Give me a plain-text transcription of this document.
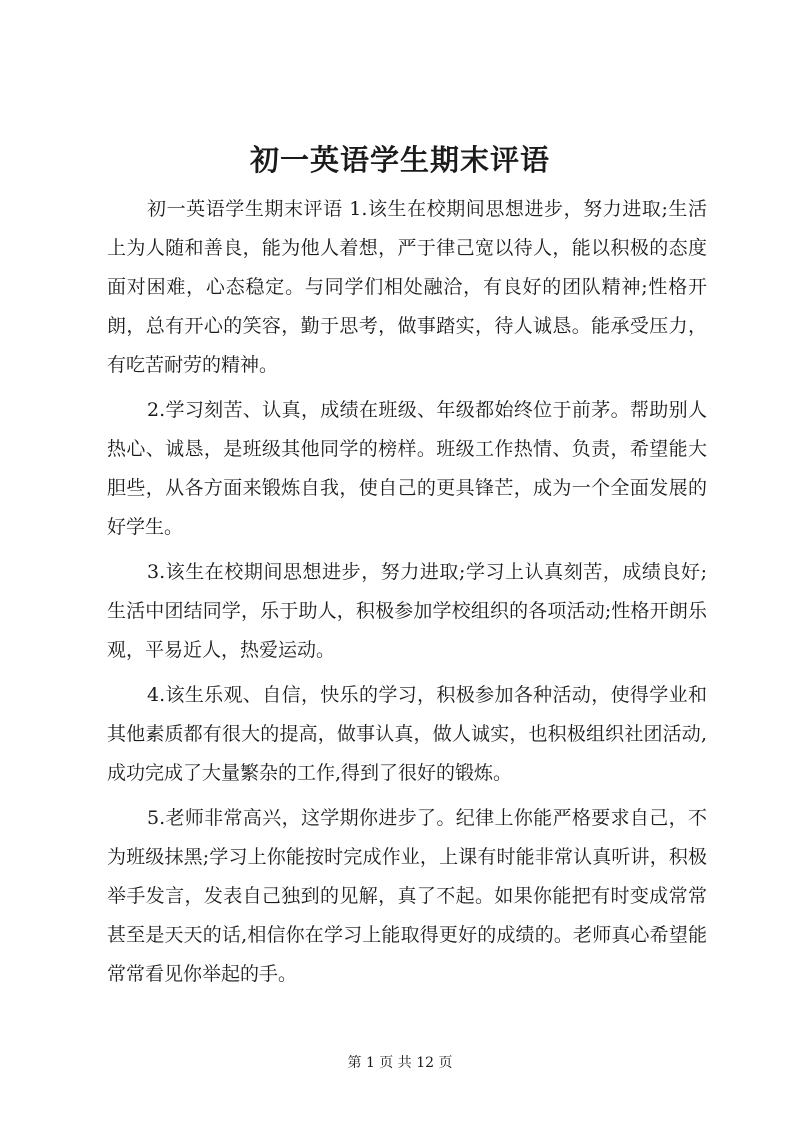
初一英语学生期末评语

初一英语学生期末评语 1.该生在校期间思想进步，努力进取;生活上为人随和善良，能为他人着想，严于律己宽以待人，能以积极的态度面对困难，心态稳定。与同学们相处融洽，有良好的团队精神;性格开朗，总有开心的笑容，勤于思考，做事踏实，待人诚恳。能承受压力，有吃苦耐劳的精神。

2.学习刻苦、认真，成绩在班级、年级都始终位于前茅。帮助别人热心、诚恳，是班级其他同学的榜样。班级工作热情、负责，希望能大胆些，从各方面来锻炼自我，使自己的更具锋芒，成为一个全面发展的好学生。

3.该生在校期间思想进步，努力进取;学习上认真刻苦，成绩良好;生活中团结同学，乐于助人，积极参加学校组织的各项活动;性格开朗乐观，平易近人，热爱运动。

4.该生乐观、自信，快乐的学习，积极参加各种活动，使得学业和其他素质都有很大的提高，做事认真，做人诚实，也积极组织社团活动,成功完成了大量繁杂的工作,得到了很好的锻炼。

5.老师非常高兴，这学期你进步了。纪律上你能严格要求自己，不为班级抹黑;学习上你能按时完成作业，上课有时能非常认真听讲，积极举手发言，发表自己独到的见解，真了不起。如果你能把有时变成常常甚至是天天的话,相信你在学习上能取得更好的成绩的。老师真心希望能常常看见你举起的手。

第 1 页 共 12 页
